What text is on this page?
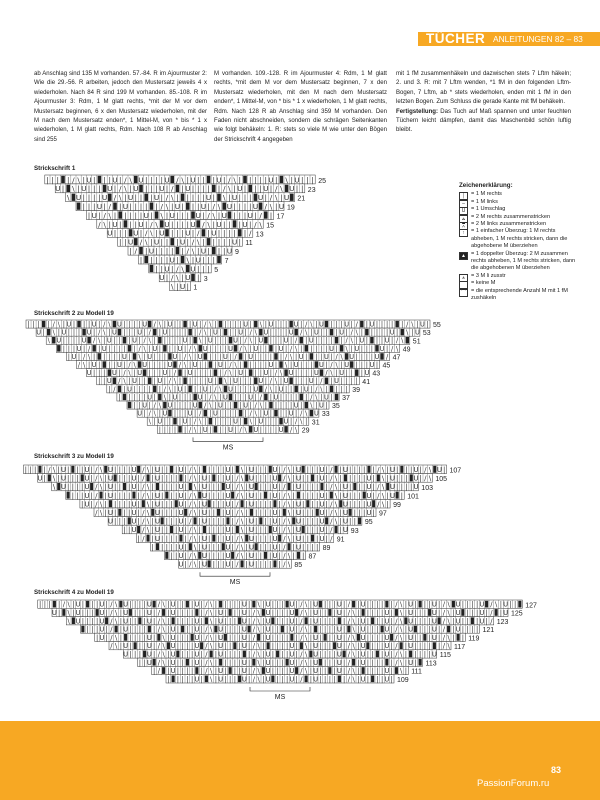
TÜCHER ANLEITUNGEN 82 – 83

ab Anschlag sind 135 M vorhanden. 57.-84. R im Ajourmuster 2: Wie die 29.-56. R arbeiten, jedoch den Mustersatz jeweils 4 x wiederholen. Nach 84 R sind 199 M vorhanden. 85.-108. R im Ajourmuster 3: Rdm, 1 M glatt rechts, *mit der M vor dem Mustersatz beginnen, 6 x den Mustersatz wiederholen, mit der M nach dem Mustersatz enden*, 1 Mittel-M, von * bis * 1 x wiederholen, 1 M glatt rechts, Rdm. Nach 108 R ab Anschlag sind 255

M vorhanden. 109.-128. R im Ajourmuster 4: Rdm, 1 M glatt rechts, *mit dem M vor dem Mustersatz beginnen, 7 x den Mustersatz wiederholen, mit den M nach dem Mustersatz enden*, 1 Mittel-M, von * bis * 1 x wiederholen, 1 M glatt rechts, Rdm. Nach 128 R ab Anschlag sind 359 M vorhanden. Den Faden nicht abschneiden, sondern die schrägen Seitenkanten wie folgt behäkeln: 1. R: stets so viele M wie unter den Bögen der Strickschrift 4 angegeben

mit 1 fM zusammenhäkeln und dazwischen stets 7 Lftm häkeln; 2. und 3. R: mit 7 Lftm wenden, *1 fM in den folgenden Lftm-Bogen, 7 Lftm, ab * stets wiederholen, enden mit 1 fM in den letzten Bogen. Zum Schluss die gerade Kante mit fM behäkeln.
Fertigstellung: Das Tuch auf Maß spannen und unter feuchten Tüchern leicht dämpfen, damit das Maschenbild schön luftig bleibt.

Strickschrift 1
Strickschrift 2 zu Modell 19
Strickschrift 3 zu Modell 19
Strickschrift 4 zu Modell 19
| | | | / \ | U | | | U | / \ U | | | | U / \ | U | | | U | / \ | | | | | U | \ | U | | | 25
U | \ | U | | | U | / \ | U | | | U | / | U | | | | | / \ | U | | | U | / \ U | | 23
\ U | | | | U / \ | U | | | U | / \ | | | | | U | \ | U | | | U | / \ | U 21
| | | U | / | U | | | | | / \ | U | | | U | / \ U | | | | U / \ | U 19
| U | / \ | | | | | U | \ | U | | | U | / \ | U | | | U | / | 17
/ \ | U | | | U | / \ U | | | | U / \ | U | | | U | / \ 15
U | | | U | / \ | U | | | U | / | U | | | | | / 13
| | U / \ | U | | | U | / \ | | | | | U | 11
| / | U | | | | | / \ | U | | | U 9
| | | | | U | \ | U | | | 7
| | U | / \ U | | | 5
U | / \ | U | 3
\ | U | 1
| | | | / \ | U | | | U | / \ U | | | | U / \ | U | | | U | / \ | | | | | U | \ | U | | | U | / \ | U | | | U | / | U | | | | | / \ | U | 55
U | \ | U | | | U | / \ | U | | | U | / | U | | | | | / \ | U | | | U | / \ U | | | | U / \ | U | | | U | / \ | | | | | U | \ | U 53
\ U | | | | U / \ | U | | | U | / \ | | | | | U | \ | U | | | U | / \ | U | | | U | / | U | | | | | / \ | U | | | U | / \ 51
| | | U | / | U | | | | | / \ | U | | | U | / \ U | | | | U / \ | U | | | U | / \ | | | | | U | \ | U | | | U | / \ 49
| U | / \ | | | | | U | \ | U | | | U | / \ | U | | | U | / | U | | | | | / \ | U | | | U | / \ U | | | | U / 47
/ \ | U | | | U | / \ U | | | | U / \ | U | | | U | / \ | | | | | U | \ | U | | | U | / \ | U | | | U | 45
U | | | U | / \ | U | | | U | / | U | | | | | / \ | U | | | U | / \ U | | | | U / \ | U | | | U 43
| | U / \ | U | | | U | / \ | | | | | U | \ | U | | | U | / \ | U | | | U | / | U | | | | 41
| / | U | | | | | / \ | U | | | U | / \ U | | | | U / \ | U | | | U | / \ | | | | 39
| | | | | U | \ | U | | | U | / \ | U | | | U | / | U | | | | | / \ | U | 37
| | U | / \ U | | | | U / \ | U | | | U | / \ | | | | | U | \ | U | 35
U | / \ | U | | | U | / | U | | | | | / \ | U | | | U | / \ U 33
\ | U | | | U | / \ | | | | | U | \ | U | | | U | / \ | 31
| | | | | / \ | U | | | U | / \ U | | | | U / \ 29
MS
| | | | / \ | U | | | U | / \ U | | | | U / \ | U | | | U | / \ | | | | | U | \ | U | | | U | / \ | U | | | U | / | U | | | | | / \ | U | | | U | / \ U | 107
U | \ | U | | | U | / \ | U | | | U | / | U | | | | | / \ | U | | | U | / \ U | | | | U / \ | U | | | U | / \ | | | | | U | \ | U | | | U | / \ 105
\ U | | | | U / \ | U | | | U | / \ | | | | | U | \ | U | | | U | / \ | U | | | U | / | U | | | | | / \ | U | | | U | / \ U | | | | U 103
| | | U | / | U | | | | | / \ | U | | | U | / \ U | | | | U / \ | U | | | U | / \ | | | | | U | \ | U | | | U | / \ | U | 101
| U | / \ | | | | | U | \ | U | | | U | / \ | U | | | U | / | U | | | | | / \ | U | | | U | / \ U | | | | U / \ | 99
/ \ | U | | | U | / \ U | | | | U / \ | U | | | U | / \ | | | | | U | \ | U | | | U | / \ | U | | | U | 97
U | | | U | / \ | U | | | U | / | U | | | | | / \ | U | | | U | / \ U | | | | U / \ | U | | 95
| | U / \ | U | | | U | / \ | | | | | U | \ | U | | | U | / \ | U | | | U | / | U 93
| / | U | | | | | / \ | U | | | U | / \ U | | | | U / \ | U | | | U | / 91
| | | | | U | \ | U | | | U | / \ | U | | | U | / | U | | | | 89
| | U | / \ U | | | | U / \ | U | | | U | / \ | | 87
U | / \ | U | | | U | / | U | | | | | / \ 85
MS
| | | | / \ | U | | | U | / \ U | | | | U / \ | U | | | U | / \ | | | | | U | \ | U | | | U | / \ | U | | | U | / | U | | | | | / \ | U | | | U | / \ U | | | | U / \ | U | | 127
U | \ | U | | | U | / \ | U | | | U | / | U | | | | | / \ | U | | | U | / \ U | | | | U / \ | U | | | U | / \ | | | | | U | \ | U | | | U | / \ | U | | | U | / | U 125
\ U | | | | U / \ | U | | | U | / \ | | | | | U | \ | U | | | U | / \ | U | | | U | / | U | | | | | / \ | U | | | U | / \ U | | | | U / \ | U | | | U | / 123
| | | U | / | U | | | | | / \ | U | | | U | / \ U | | | | U / \ | U | | | U | / \ | | | | | U | \ | U | | | U | / \ | U | | | U | / | U | | | | 121
| U | / \ | | | | | U | \ | U | | | U | / \ | U | | | U | / | U | | | | | / \ | U | | | U | / \ U | | | | U / \ | U | | | U | / \ | | 119
/ \ | U | | | U | / \ U | | | | U / \ | U | | | U | / \ | | | | | U | \ | U | | | U | / \ | U | | | U | / | U | | | | | / \ 117
U | | | U | / \ | U | | | U | / | U | | | | | / \ | U | | | U | / \ U | | | | U / \ | U | | | U | / \ | | | | | U 115
| | U / \ | U | | | U | / \ | | | | | U | \ | U | | | U | / \ | U | | | U | / | U | | | | | / \ | U | 113
| / | U | | | | | / \ | U | | | U | / \ U | | | | U / \ | U | | | U | / \ | | | | | U | \ | 111
| | | | | U | \ | U | | | U | / \ | U | | | U | / | U | | | | | / \ | U | | | U | 109
MS
Zeichenerklärung:
│	= 1 M rechts
–	= 1 M links
U	= 1 Umschlag
⩟	= 2 M rechts zusammenstricken
⩞	= 2 M links zusammenstricken
↑	= 1 einfacher Überzug: 1 M rechts abheben, 1 M rechts stricken, dann die abgehobene M überziehen
▲ = 1 doppelter Überzug: 2 M zusammen rechts abheben, 1 M rechts stricken, dann die abgehobenen M überziehen
⩚	= 3 M li zusstr
= keine M
⌒ = die entsprechende Anzahl M mit 1 fM zushäkeln
83
PassionForum.ru
